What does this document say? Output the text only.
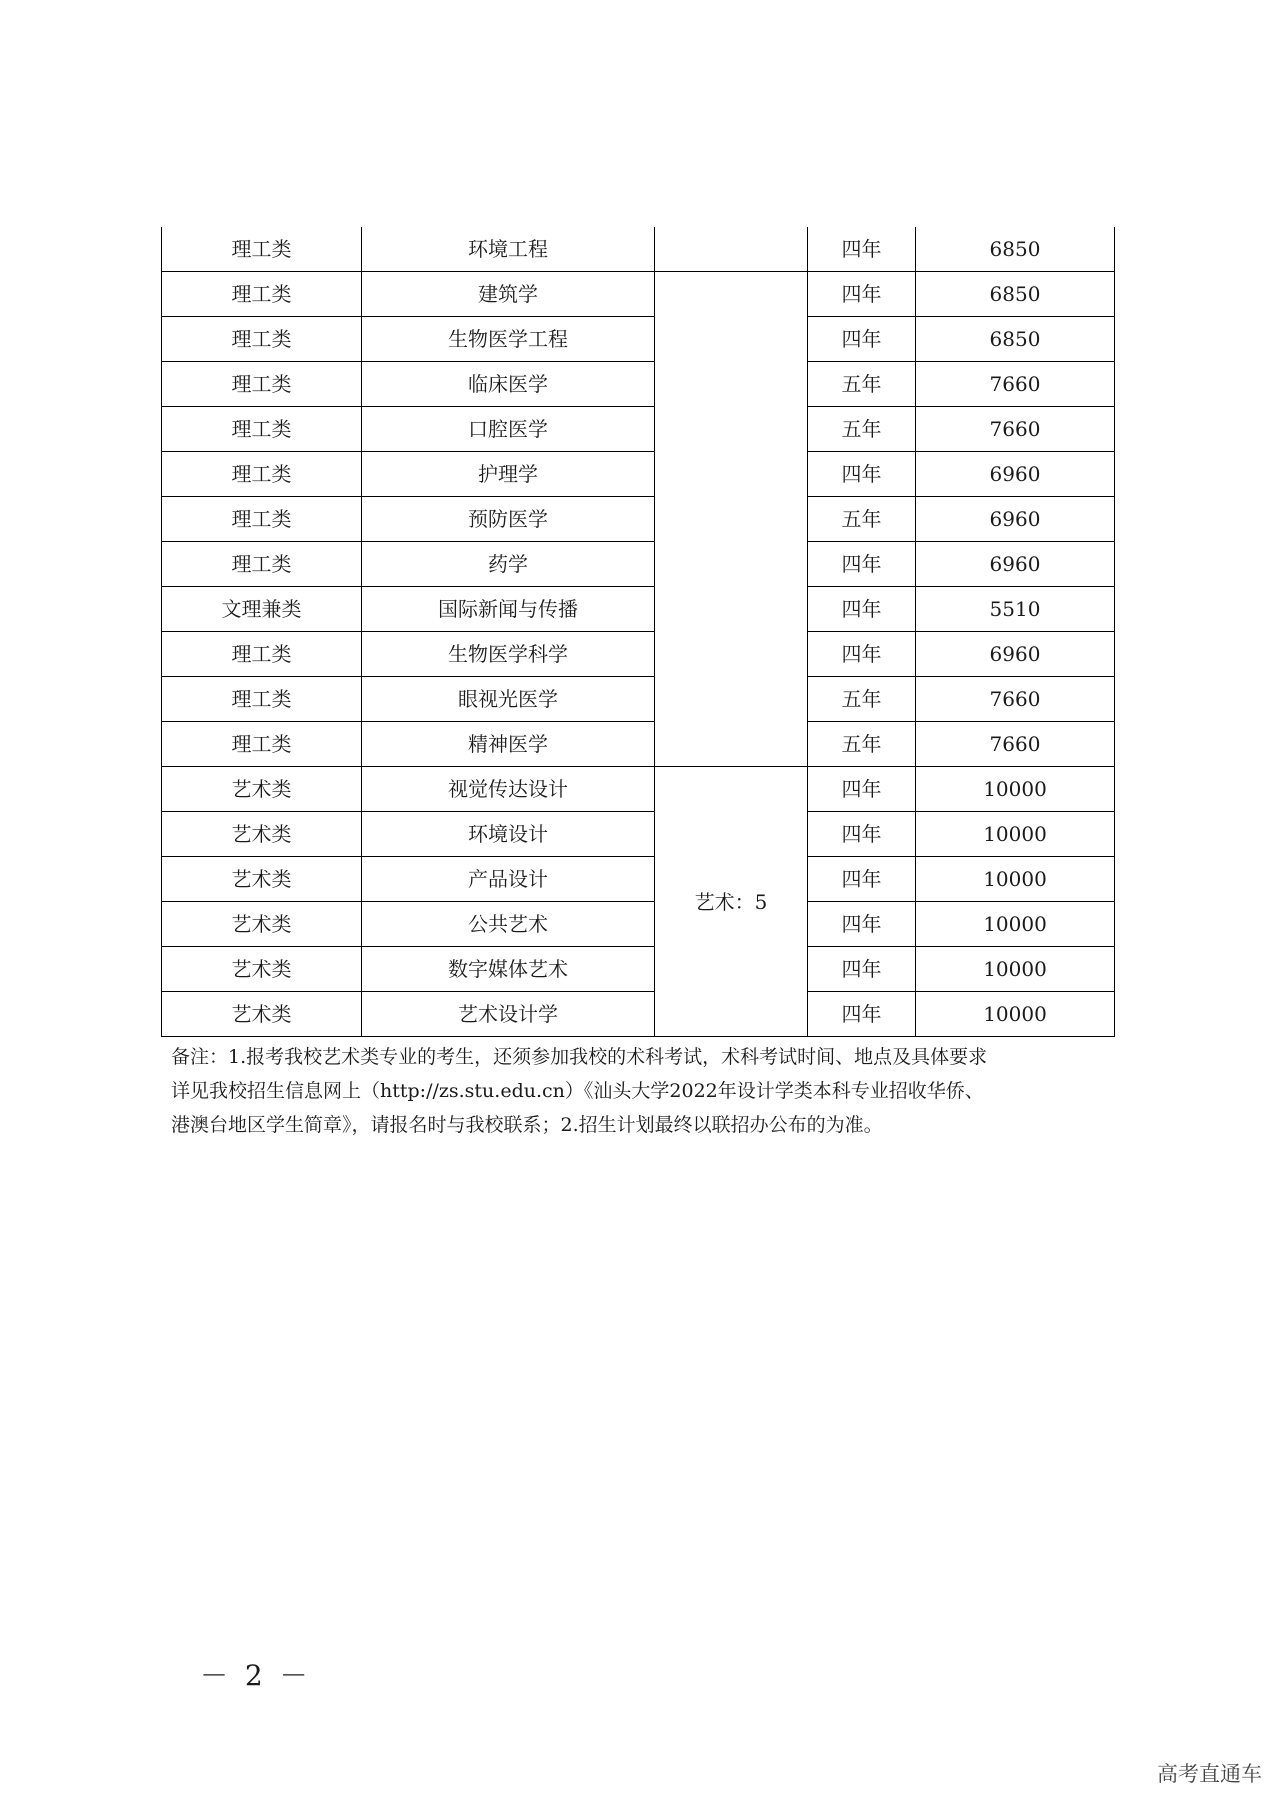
理工类	环境工程		四年	6850
理工类	建筑学		四年	6850
理工类	生物医学工程		四年	6850
理工类	临床医学		五年	7660
理工类	口腔医学		五年	7660
理工类	护理学		四年	6960
理工类	预防医学		五年	6960
理工类	药学		四年	6960
文理兼类	国际新闻与传播		四年	5510
理工类	生物医学科学		四年	6960
理工类	眼视光医学		五年	7660
理工类	精神医学		五年	7660
艺术类	视觉传达设计	艺术：5	四年	10000
艺术类	环境设计		四年	10000
艺术类	产品设计		四年	10000
艺术类	公共艺术		四年	10000
艺术类	数字媒体艺术		四年	10000
艺术类	艺术设计学		四年	10000
备注：1.报考我校艺术类专业的考生，还须参加我校的术科考试，术科考试时间、地点及具体要求
详见我校招生信息网上（http://zs.stu.edu.cn）《汕头大学2022年设计学类本科专业招收华侨、
港澳台地区学生简章》，请报名时与我校联系；2.招生计划最终以联招办公布的为准。
－ 2 －
高考直通车
